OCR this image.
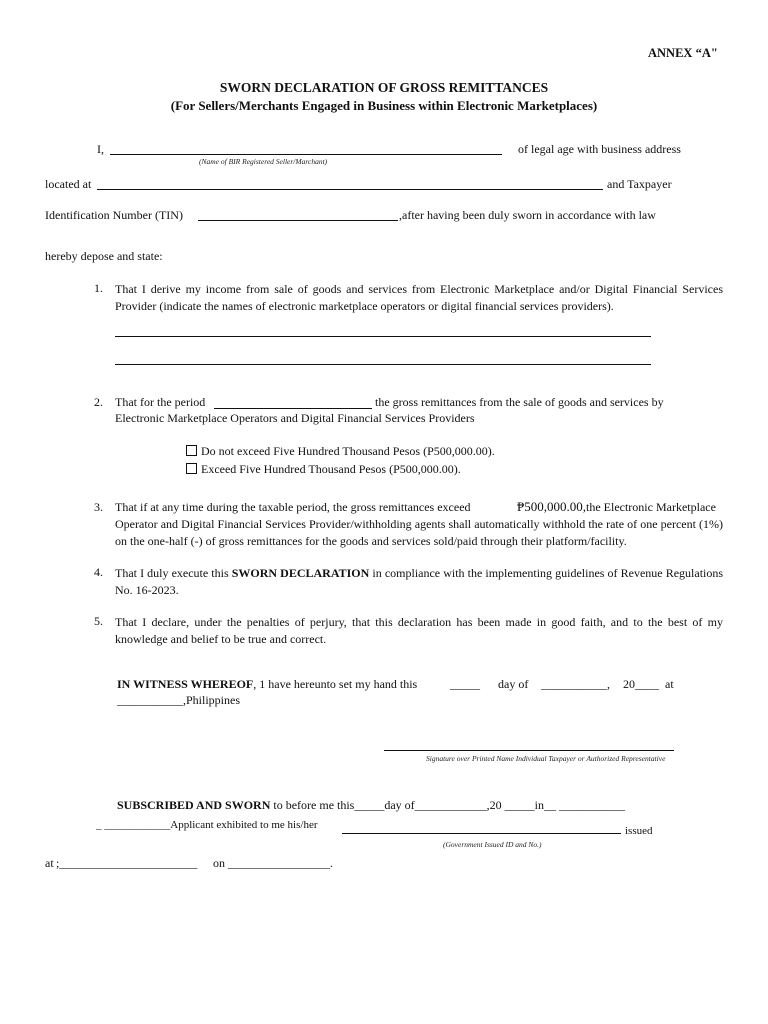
ANNEX “A"
SWORN DECLARATION OF GROSS REMITTANCES
(For Sellers/Merchants Engaged in Business within Electronic Marketplaces)
I,
(Name of BIR Registered Seller/Marchant)
of legal age with business address
located at	and Taxpayer
Identification Number (TIN)	,after having been duly sworn in accordance with law
hereby depose and state:
1. That I derive my income from sale of goods and services from Electronic Marketplace and/or Digital Financial Services Provider (indicate the names of electronic marketplace operators or digital financial services providers).
2. That for the period	the gross remittances from the sale of goods and services by
Electronic Marketplace Operators and Digital Financial Services Providers
Do not exceed Five Hundred Thousand Pesos (P500,000.00).
Exceed Five Hundred Thousand Pesos (P500,000.00).
3. That if at any time during the taxable period, the gross remittances exceed	₱500,000.00, the Electronic Marketplace
Operator and Digital Financial Services Provider/withholding agents shall automatically withhold the rate of one percent (1%) on the one-half (-) of gross remittances for the goods and services sold/paid through their platform/facility.
4. That I duly execute this SWORN DECLARATION in compliance with the implementing guidelines of Revenue Regulations No. 16-2023.
5. That I declare, under the penalties of perjury, that this declaration has been made in good faith, and to the best of my knowledge and belief to be true and correct.
IN WITNESS WHEREOF, 1 have hereunto set my hand this	_____ day of ___________, 20____ at
___________,Philippines
Signature over Printed Name Individual Taxpayer or Authorized Representative
SUBSCRIBED AND SWORN to before me this_____day of____________,20 _____in__ ___________
_ ____________Applicant exhibited to me his/her	issued
(Government Issued ID and No.)
at ;_______________________ on _________________.
